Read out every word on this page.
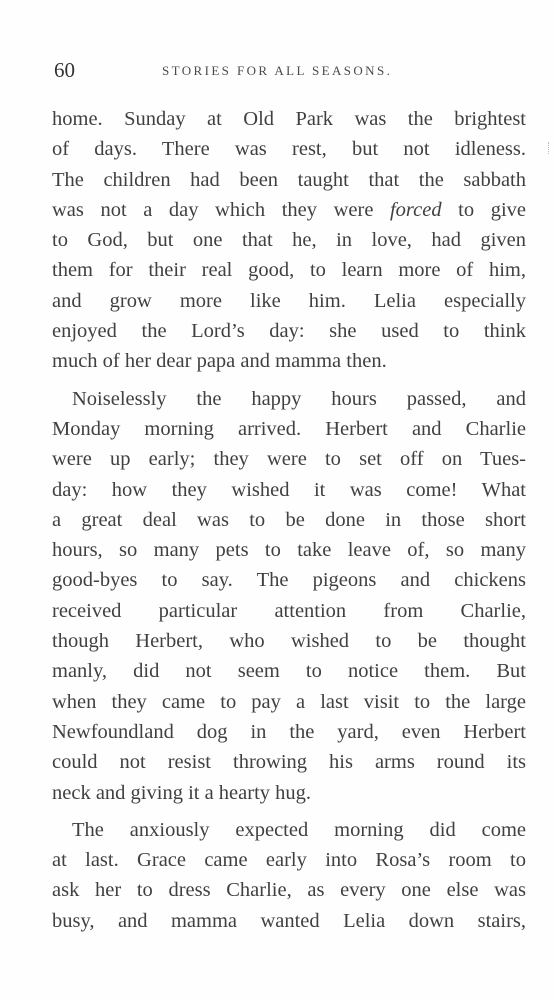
60	STORIES FOR ALL SEASONS.
home. Sunday at Old Park was the brightest
of days. There was rest, but not idleness.
The children had been taught that the sabbath
was not a day which they were forced to give
to God, but one that he, in love, had given
them for their real good, to learn more of him,
and grow more like him. Lelia especially
enjoyed the Lord’s day: she used to think
much of her dear papa and mamma then.
Noiselessly the happy hours passed, and
Monday morning arrived. Herbert and Charlie
were up early; they were to set off on Tues-
day: how they wished it was come! What
a great deal was to be done in those short
hours, so many pets to take leave of, so many
good-byes to say. The pigeons and chickens
received particular attention from Charlie,
though Herbert, who wished to be thought
manly, did not seem to notice them. But
when they came to pay a last visit to the large
Newfoundland dog in the yard, even Herbert
could not resist throwing his arms round its
neck and giving it a hearty hug.
The anxiously expected morning did come
at last. Grace came early into Rosa’s room to
ask her to dress Charlie, as every one else was
busy, and mamma wanted Lelia down stairs,
